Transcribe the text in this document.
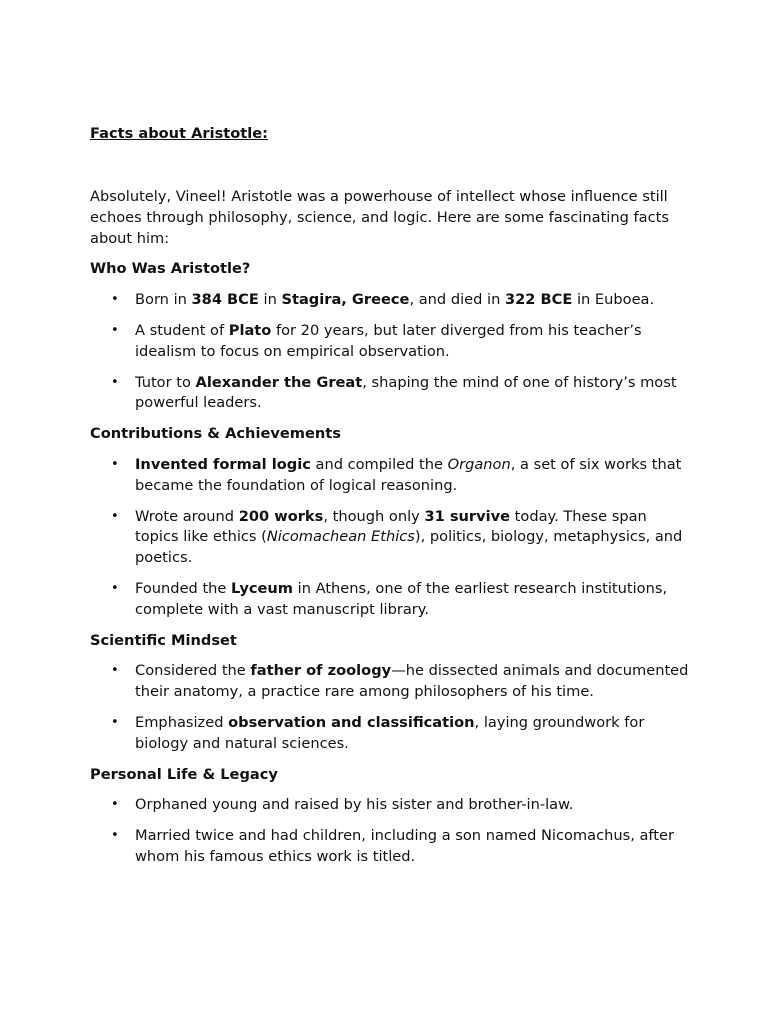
Facts about Aristotle:

Absolutely, Vineel! Aristotle was a powerhouse of intellect whose influence still echoes through philosophy, science, and logic. Here are some fascinating facts about him:

Who Was Aristotle?
• Born in 384 BCE in Stagira, Greece, and died in 322 BCE in Euboea.
• A student of Plato for 20 years, but later diverged from his teacher’s idealism to focus on empirical observation.
• Tutor to Alexander the Great, shaping the mind of one of history’s most powerful leaders.
Contributions & Achievements
• Invented formal logic and compiled the Organon, a set of six works that became the foundation of logical reasoning.
• Wrote around 200 works, though only 31 survive today. These span topics like ethics (Nicomachean Ethics), politics, biology, metaphysics, and poetics.
• Founded the Lyceum in Athens, one of the earliest research institutions, complete with a vast manuscript library.
Scientific Mindset
• Considered the father of zoology—he dissected animals and documented their anatomy, a practice rare among philosophers of his time.
• Emphasized observation and classification, laying groundwork for biology and natural sciences.
Personal Life & Legacy
• Orphaned young and raised by his sister and brother-in-law.
• Married twice and had children, including a son named Nicomachus, after whom his famous ethics work is titled.
